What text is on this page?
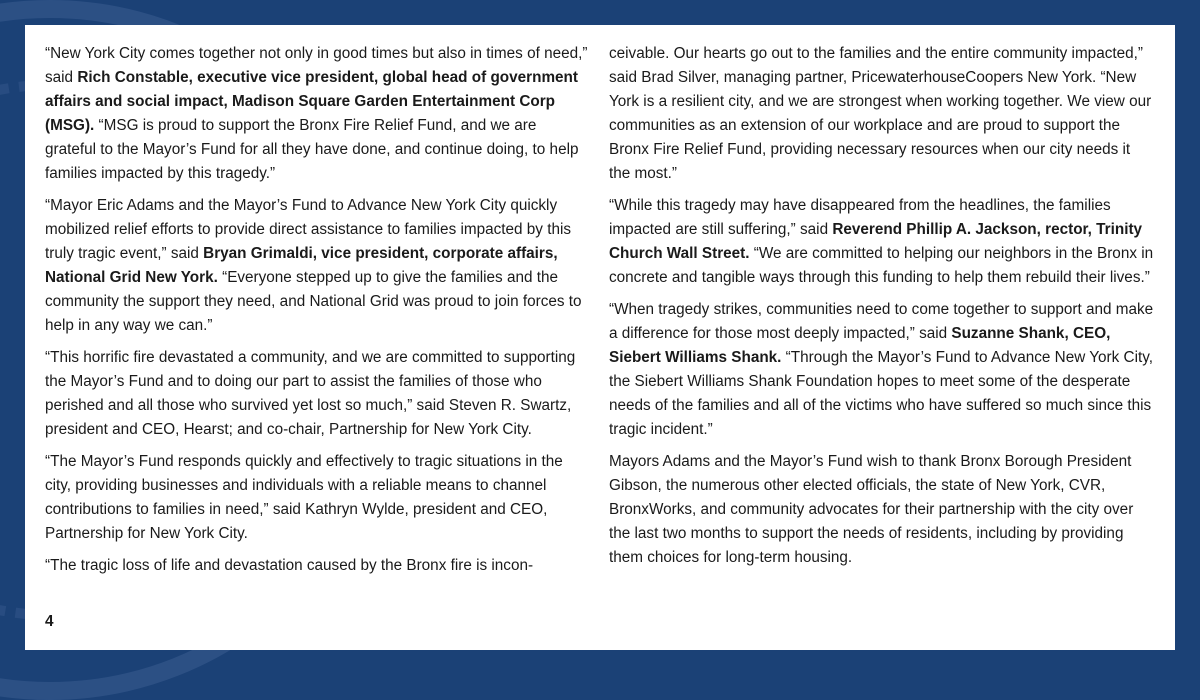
“New York City comes together not only in good times but also in times of need,” said Rich Constable, executive vice president, global head of government affairs and social impact, Madison Square Garden Entertainment Corp (MSG). “MSG is proud to support the Bronx Fire Relief Fund, and we are grateful to the Mayor’s Fund for all they have done, and continue doing, to help families impacted by this tragedy.”

“Mayor Eric Adams and the Mayor’s Fund to Advance New York City quickly mobilized relief efforts to provide direct assistance to families impacted by this truly tragic event,” said Bryan Grimaldi, vice president, corporate affairs, National Grid New York. “Everyone stepped up to give the families and the community the support they need, and National Grid was proud to join forces to help in any way we can.”

“This horrific fire devastated a community, and we are committed to supporting the Mayor’s Fund and to doing our part to assist the families of those who perished and all those who survived yet lost so much,” said Steven R. Swartz, president and CEO, Hearst; and co-chair, Partnership for New York City.

“The Mayor’s Fund responds quickly and effectively to tragic situations in the city, providing businesses and individuals with a reliable means to channel contributions to families in need,” said Kathryn Wylde, president and CEO, Partnership for New York City.

“The tragic loss of life and devastation caused by the Bronx fire is incon-

ceivable. Our hearts go out to the families and the entire community impacted,” said Brad Silver, managing partner, PricewaterhouseCoopers New York. “New York is a resilient city, and we are strongest when working together. We view our communities as an extension of our workplace and are proud to support the Bronx Fire Relief Fund, providing necessary resources when our city needs it the most.”

“While this tragedy may have disappeared from the headlines, the families impacted are still suffering,” said Reverend Phillip A. Jackson, rector, Trinity Church Wall Street. “We are committed to helping our neighbors in the Bronx in concrete and tangible ways through this funding to help them rebuild their lives.”

“When tragedy strikes, communities need to come together to support and make a difference for those most deeply impacted,” said Suzanne Shank, CEO, Siebert Williams Shank. “Through the Mayor’s Fund to Advance New York City, the Siebert Williams Shank Foundation hopes to meet some of the desperate needs of the families and all of the victims who have suffered so much since this tragic incident.”

Mayors Adams and the Mayor’s Fund wish to thank Bronx Borough President Gibson, the numerous other elected officials, the state of New York, CVR, BronxWorks, and community advocates for their partnership with the city over the last two months to support the needs of residents, including by providing them choices for long-term housing.

4
